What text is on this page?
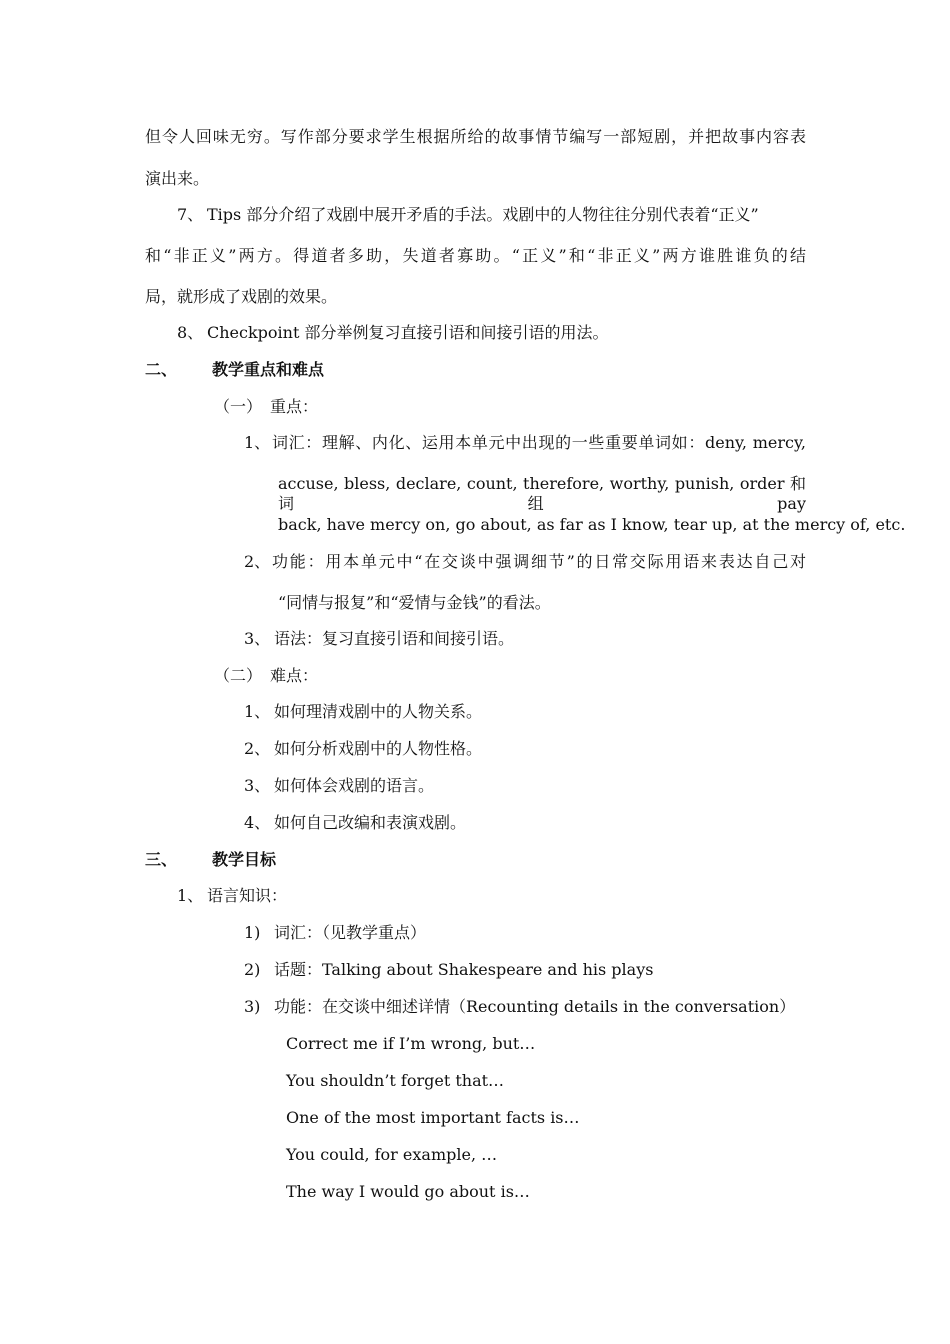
但令人回味无穷。写作部分要求学生根据所给的故事情节编写一部短剧，并把故事内容表
演出来。
7、 Tips 部分介绍了戏剧中展开矛盾的手法。戏剧中的人物往往分别代表着“正义”
和“非正义”两方。得道者多助，失道者寡助。“正义”和“非正义”两方谁胜谁负的结
局，就形成了戏剧的效果。
8、 Checkpoint 部分举例复习直接引语和间接引语的用法。
二、 教学重点和难点
（一） 重点：
1、 词汇：理解、内化、运用本单元中出现的一些重要单词如：deny, mercy,
accuse, bless, declare, count, therefore, worthy, punish, order 和 词 组 pay
back, have mercy on, go about, as far as I know, tear up, at the mercy of, etc.
2、 功能：用本单元中“在交谈中强调细节”的日常交际用语来表达自己对
“同情与报复”和“爱情与金钱”的看法。
3、 语法：复习直接引语和间接引语。
（二） 难点：
1、 如何理清戏剧中的人物关系。
2、 如何分析戏剧中的人物性格。
3、 如何体会戏剧的语言。
4、 如何自己改编和表演戏剧。
三、 教学目标
1、 语言知识：
1) 词汇：（见教学重点）
2) 话题：Talking about Shakespeare and his plays
3) 功能：在交谈中细述详情（Recounting details in the conversation）
Correct me if I’m wrong, but…
You shouldn’t forget that…
One of the most important facts is…
You could, for example, …
The way I would go about is…
